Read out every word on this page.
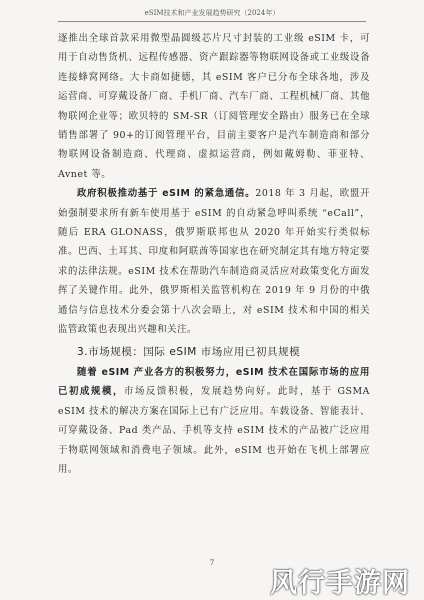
eSIM技术和产业发展趋势研究（2024年）

逐推出全球首款采用微型晶圆级芯片尺寸封装的工业级 eSIM 卡，可用于自动售货机、远程传感器、资产跟踪器等物联网设备或工业级设备连接蜂窝网络。大卡商如捷德，其 eSIM 客户已分布全球各地，涉及运营商、可穿戴设备厂商、手机厂商、汽车厂商、工程机械厂商、其他物联网企业等；欧贝特的 SM-SR（订阅管理安全路由）服务已在全球销售部署了 90+的订阅管理平台，目前主要客户是汽车制造商和部分物联网设备制造商、代理商、虚拟运营商，例如戴姆勒、菲亚特、Avnet 等。

政府积极推动基于 eSIM 的紧急通信。2018 年 3 月起，欧盟开始强制要求所有新车使用基于 eSIM 的自动紧急呼叫系统 “eCall”，随后 ERA GLONASS，俄罗斯联邦也从 2020 年开始实行类似标准。巴西、土耳其、印度和阿联酋等国家也在研究制定其有地方特定要求的法律法规。eSIM 技术在帮助汽车制造商灵活应对政策变化方面发挥了关键作用。此外，俄罗斯相关监管机构在 2019 年 9 月份的中俄通信与信息技术分委会第十八次会晤上，对 eSIM 技术和中国的相关监管政策也表现出兴趣和关注。

3.市场规模：国际 eSIM 市场应用已初具规模

随着 eSIM 产业各方的积极努力，eSIM 技术在国际市场的应用已初成规模，市场反馈积极，发展趋势向好。此时，基于 GSMA eSIM 技术的解决方案在国际上已有广泛应用。车载设备、智能表计、可穿戴设备、Pad 类产品、手机等支持 eSIM 技术的产品被广泛应用于物联网领域和消费电子领域。此外，eSIM 也开始在飞机上部署应用。

7
风行手游网
